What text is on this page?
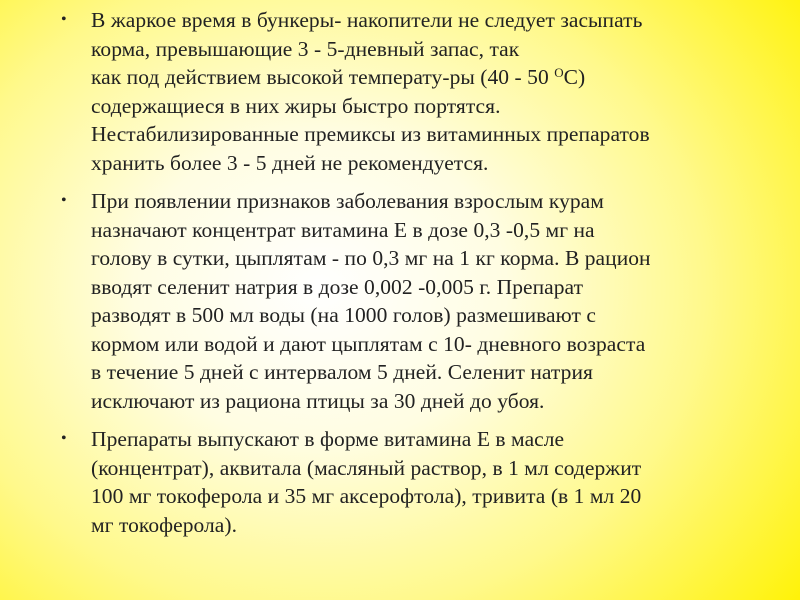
• В жаркое время в бункеры- накопители не следует засыпать
корма, превышающие 3 - 5-дневный запас, так
как под действием высокой температу-ры (40 - 50 $^O$C)
содержащиеся в них жиры быстро портятся.
Нестабилизированные премиксы из витаминных препаратов
хранить более 3 - 5 дней не рекомендуется.
• При появлении признаков заболевания взрослым курам
назначают концентрат витамина Е в дозе 0,3 -0,5 мг на
голову в сутки, цыплятам - по 0,3 мг на 1 кг корма. В рацион
вводят селенит натрия в дозе 0,002 -0,005 г. Препарат
разводят в 500 мл воды (на 1000 голов) размешивают с
кормом или водой и дают цыплятам с 10- дневного возраста
в течение 5 дней с интервалом 5 дней. Селенит натрия
исключают из рациона птицы за 30 дней до убоя.
• Препараты выпускают в форме витамина Е в масле
(концентрат), аквитала (масляный раствор, в 1 мл содержит
100 мг токоферола и 35 мг аксерофтола), тривита (в 1 мл 20
мг токоферола).
